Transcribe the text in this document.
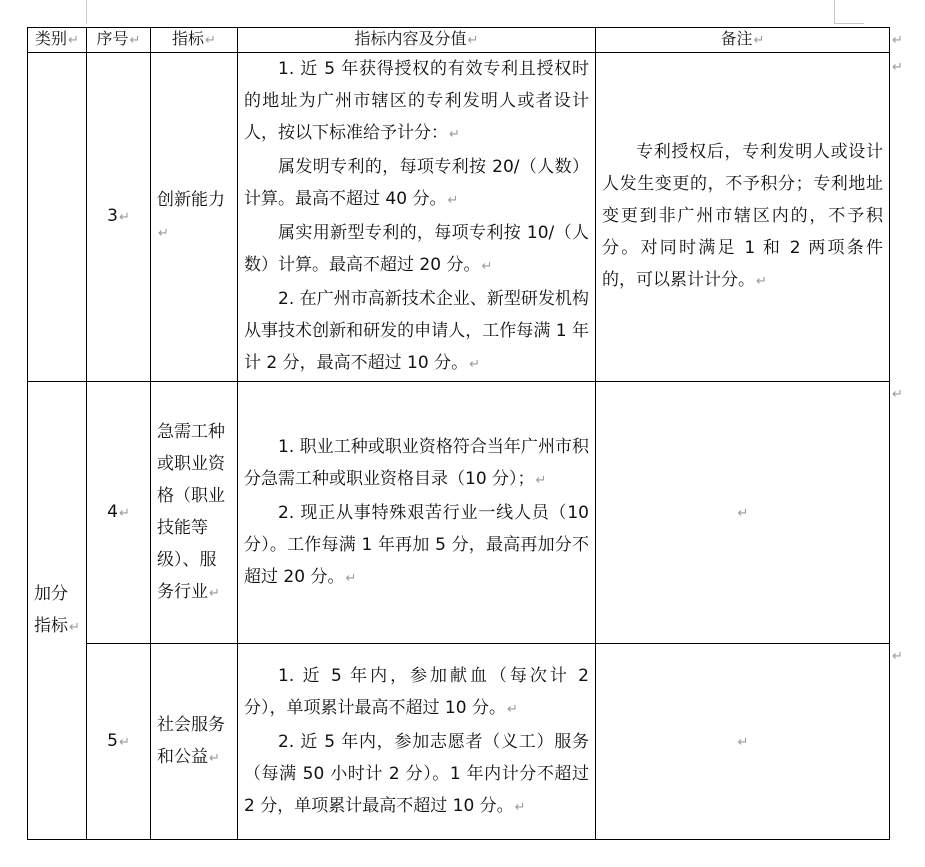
类别↵	序号↵	指标↵	指标内容及分值↵	备注↵
	3↵	创新能力↵	1. 近 5 年获得授权的有效专利且授权时的地址为广州市辖区的专利发明人或者设计人，按以下标准给予计分：↵
属发明专利的，每项专利按 20/（人数）计算。最高不超过 40 分。↵
属实用新型专利的，每项专利按 10/（人数）计算。最高不超过 20 分。↵
2. 在广州市高新技术企业、新型研发机构从事技术创新和研发的申请人，工作每满 1 年计 2 分，最高不超过 10 分。↵	专利授权后，专利发明人或设计人发生变更的，不予积分；专利地址变更到非广州市辖区内的，不予积分。对同时满足 1 和 2 两项条件的，可以累计计分。↵

加分指标↵	4↵	急需工种或职业资格（职业技能等级）、服务行业↵	1. 职业工种或职业资格符合当年广州市积分急需工种或职业资格目录（10 分）；↵
2. 现正从事特殊艰苦行业一线人员（10 分）。工作每满 1 年再加 5 分，最高再加分不超过 20 分。↵	↵
	5↵	社会服务和公益↵	1. 近 5 年内，参加献血（每次计 2 分），单项累计最高不超过 10 分。↵
2. 近 5 年内，参加志愿者（义工）服务（每满 50 小时计 2 分）。1 年内计分不超过 2 分，单项累计最高不超过 10 分。↵	↵
↵
↵
↵
↵
